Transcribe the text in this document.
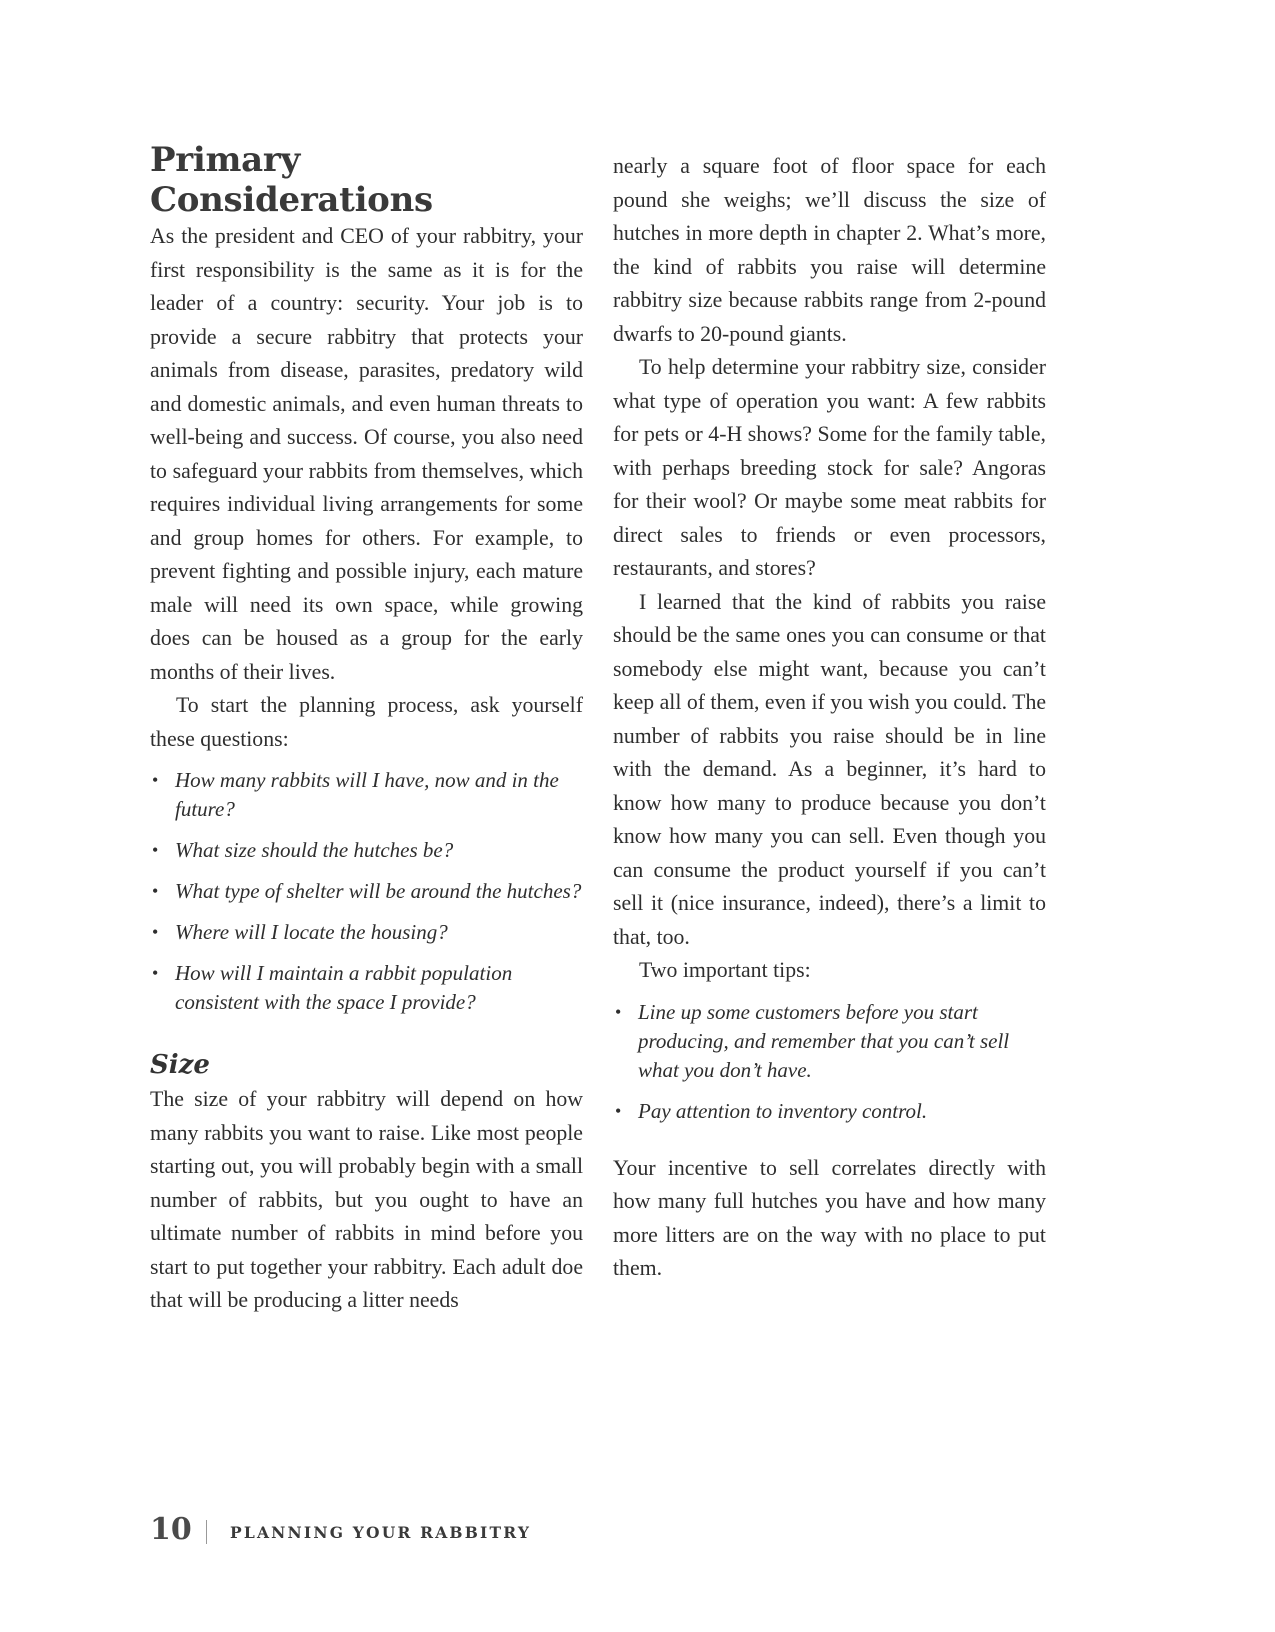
Primary Considerations

As the president and CEO of your rabbitry, your first responsibility is the same as it is for the leader of a country: security. Your job is to provide a secure rabbitry that protects your animals from disease, parasites, predatory wild and domestic animals, and even human threats to well-being and success. Of course, you also need to safeguard your rabbits from themselves, which requires individual living arrangements for some and group homes for others. For example, to prevent fighting and possible injury, each mature male will need its own space, while growing does can be housed as a group for the early months of their lives.

To start the planning process, ask yourself these questions:

• How many rabbits will I have, now and in the future?
• What size should the hutches be?
• What type of shelter will be around the hutches?
• Where will I locate the housing?
• How will I maintain a rabbit population consistent with the space I provide?
Size

The size of your rabbitry will depend on how many rabbits you want to raise. Like most people starting out, you will probably begin with a small number of rabbits, but you ought to have an ultimate number of rabbits in mind before you start to put together your rabbitry. Each adult doe that will be producing a litter needs

nearly a square foot of floor space for each pound she weighs; we’ll discuss the size of hutches in more depth in chapter 2. What’s more, the kind of rabbits you raise will determine rabbitry size because rabbits range from 2-pound dwarfs to 20-pound giants.

To help determine your rabbitry size, consider what type of operation you want: A few rabbits for pets or 4-H shows? Some for the family table, with perhaps breeding stock for sale? Angoras for their wool? Or maybe some meat rabbits for direct sales to friends or even processors, restaurants, and stores?

I learned that the kind of rabbits you raise should be the same ones you can consume or that somebody else might want, because you can’t keep all of them, even if you wish you could. The number of rabbits you raise should be in line with the demand. As a beginner, it’s hard to know how many to produce because you don’t know how many you can sell. Even though you can consume the product yourself if you can’t sell it (nice insurance, indeed), there’s a limit to that, too.

Two important tips:

• Line up some customers before you start producing, and remember that you can’t sell what you don’t have.
• Pay attention to inventory control.

Your incentive to sell correlates directly with how many full hutches you have and how many more litters are on the way with no place to put them.

10 PLANNING YOUR RABBITRY
